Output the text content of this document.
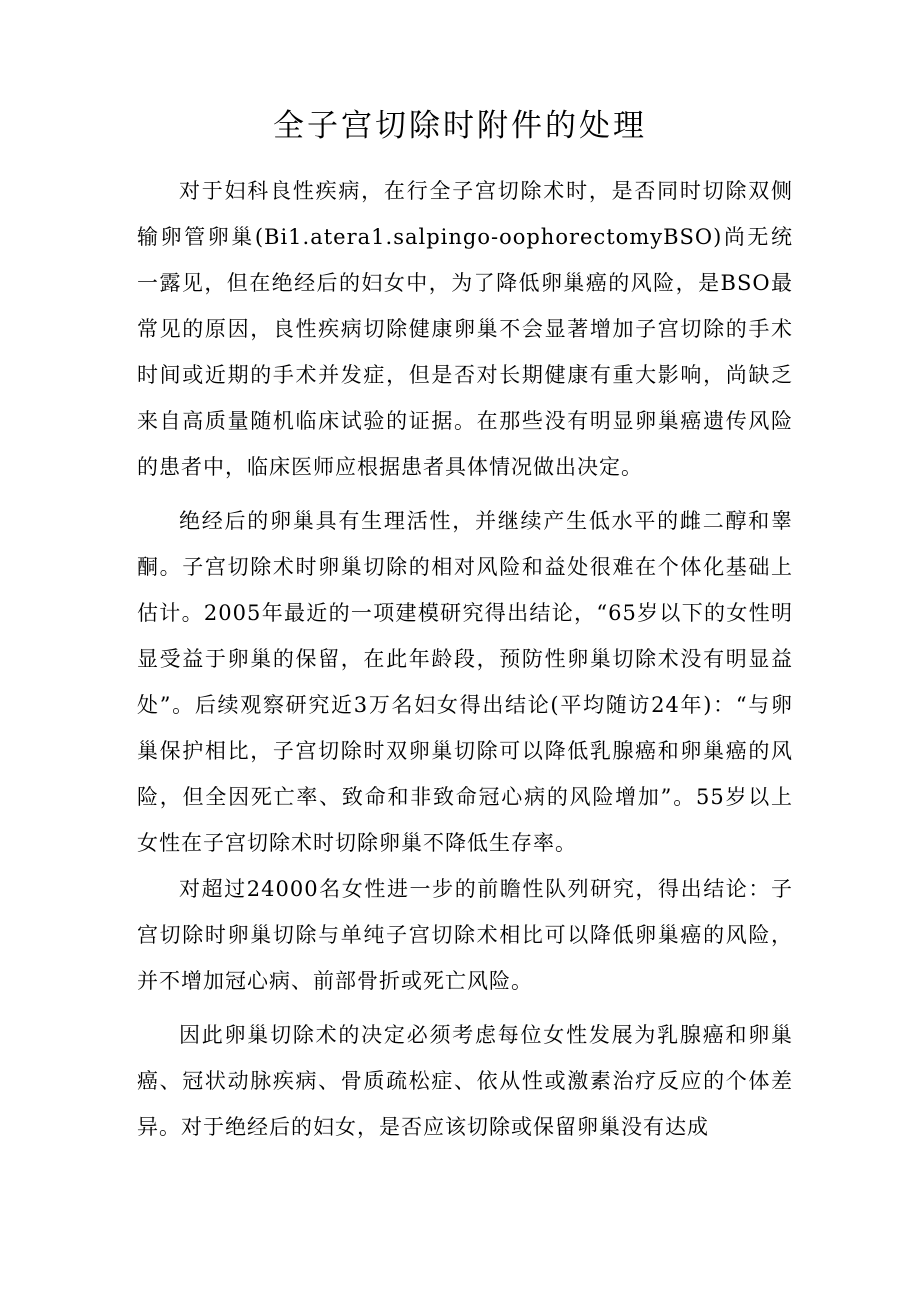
全子宫切除时附件的处理

对于妇科良性疾病，在行全子宫切除术时，是否同时切除双侧输卵管卵巢(Bi1.atera1.salpingo-oophorectomyBSO)尚无统一露见，但在绝经后的妇女中，为了降低卵巢癌的风险，是BSO最常见的原因，良性疾病切除健康卵巢不会显著增加子宫切除的手术时间或近期的手术并发症，但是否对长期健康有重大影响，尚缺乏来自高质量随机临床试验的证据。在那些没有明显卵巢癌遗传风险的患者中，临床医师应根据患者具体情况做出决定。

绝经后的卵巢具有生理活性，并继续产生低水平的雌二醇和睾酮。子宫切除术时卵巢切除的相对风险和益处很难在个体化基础上估计。2005年最近的一项建模研究得出结论，“65岁以下的女性明显受益于卵巢的保留，在此年龄段，预防性卵巢切除术没有明显益处”。后续观察研究近3万名妇女得出结论(平均随访24年)：“与卵巢保护相比，子宫切除时双卵巢切除可以降低乳腺癌和卵巢癌的风险，但全因死亡率、致命和非致命冠心病的风险增加”。55岁以上女性在子宫切除术时切除卵巢不降低生存率。

对超过24000名女性进一步的前瞻性队列研究，得出结论：子宫切除时卵巢切除与单纯子宫切除术相比可以降低卵巢癌的风险，并不增加冠心病、前部骨折或死亡风险。

因此卵巢切除术的决定必须考虑每位女性发展为乳腺癌和卵巢癌、冠状动脉疾病、骨质疏松症、依从性或激素治疗反应的个体差异。对于绝经后的妇女，是否应该切除或保留卵巢没有达成
